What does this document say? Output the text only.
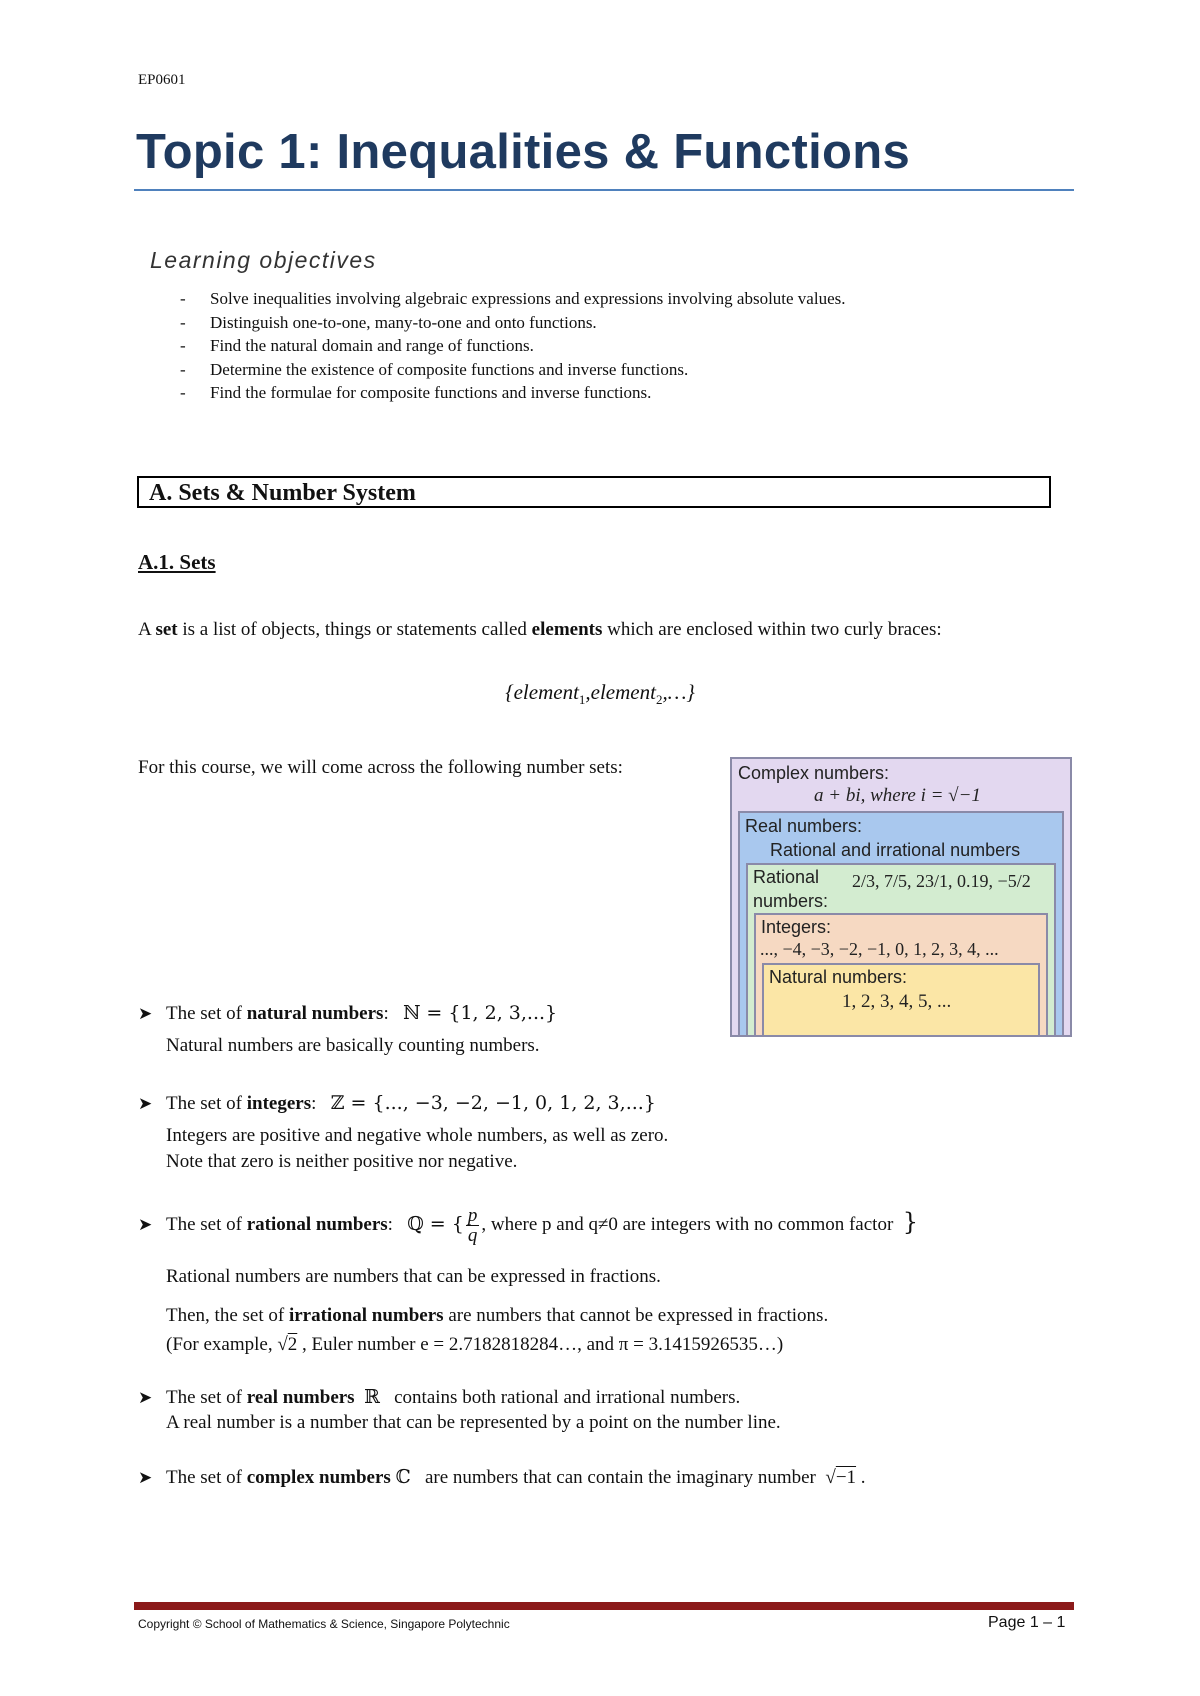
EP0601
Topic 1: Inequalities & Functions
Learning objectives
- Solve inequalities involving algebraic expressions and expressions involving absolute values.
- Distinguish one-to-one, many-to-one and onto functions.
- Find the natural domain and range of functions.
- Determine the existence of composite functions and inverse functions.
- Find the formulae for composite functions and inverse functions.
A. Sets & Number System
A.1. Sets
A set is a list of objects, things or statements called elements which are enclosed within two curly braces:
{element$_1$,element$_2$,…}
For this course, we will come across the following number sets:	Complex numbers:
a + bi, where i = √−1
Real numbers:
Rational and irrational numbers
Rational
numbers:
2/3, 7/5, 23/1, 0.19, −5/2
Integers:
..., −4, −3, −2, −1, 0, 1, 2, 3, 4, ...
Natural numbers:
1, 2, 3, 4, 5, ...
➤ The set of natural numbers: ℕ = {1, 2, 3,...}
Natural numbers are basically counting numbers.
➤ The set of integers: ℤ = {..., −3, −2, −1, 0, 1, 2, 3,...}
Integers are positive and negative whole numbers, as well as zero.
Note that zero is neither positive nor negative.
➤ The set of rational numbers: ℚ = { $\frac{p}{q}$ , where p and q≠0 are integers with no common factor }
Rational numbers are numbers that can be expressed in fractions.
Then, the set of irrational numbers are numbers that cannot be expressed in fractions.
(For example, √2 , Euler number e = 2.7182818284…, and π = 3.1415926535…)
➤ The set of real numbers ℝ   contains both rational and irrational numbers.
A real number is a number that can be represented by a point on the number line.
➤ The set of complex numbers ℂ   are numbers that can contain the imaginary number  √−1 .
Copyright © School of Mathematics & Science, Singapore Polytechnic	Page 1 – 1
